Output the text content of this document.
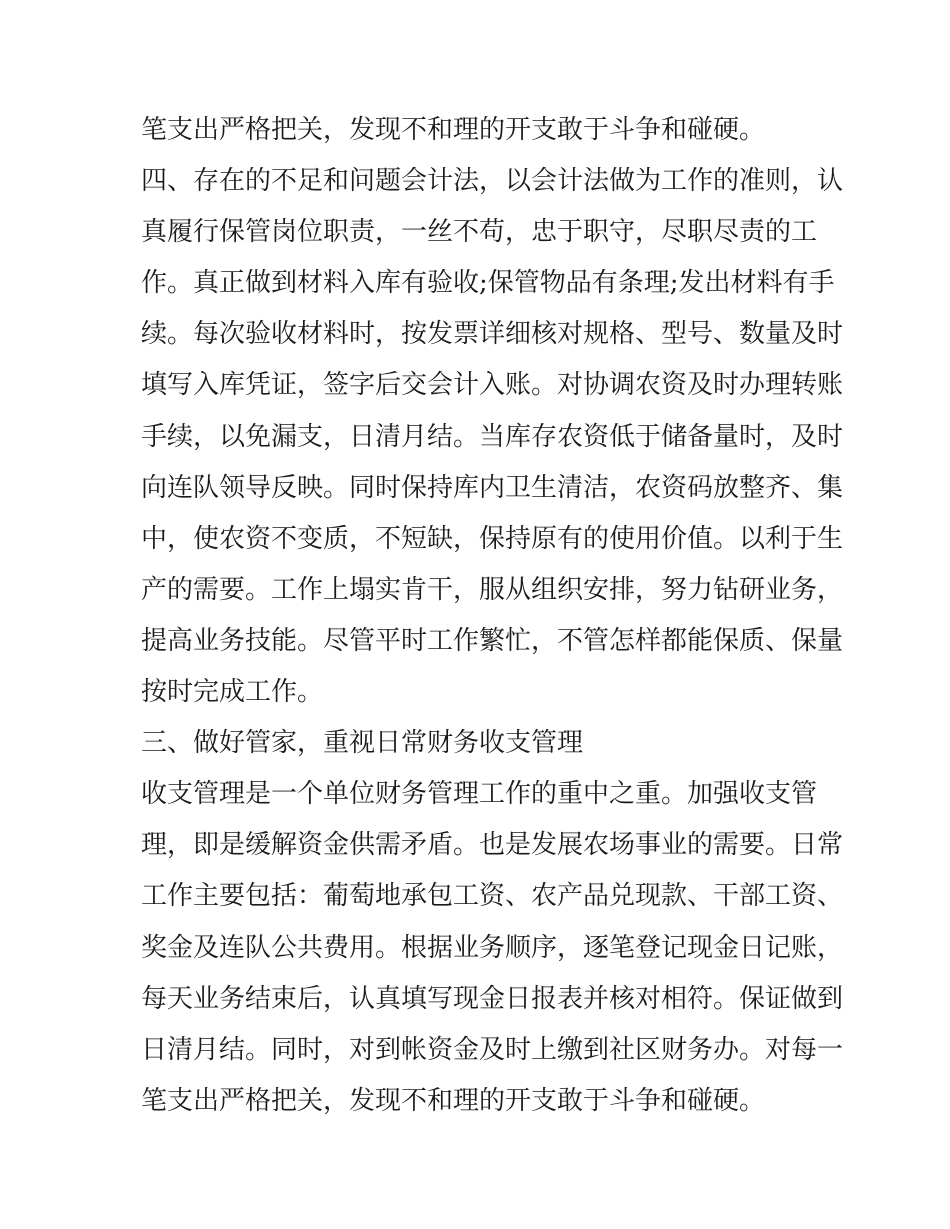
笔支出严格把关，发现不和理的开支敢于斗争和碰硬。
四、存在的不足和问题会计法，以会计法做为工作的准则，认
真履行保管岗位职责，一丝不苟，忠于职守，尽职尽责的工
作。真正做到材料入库有验收;保管物品有条理;发出材料有手
续。每次验收材料时，按发票详细核对规格、型号、数量及时
填写入库凭证，签字后交会计入账。对协调农资及时办理转账
手续，以免漏支，日清月结。当库存农资低于储备量时，及时
向连队领导反映。同时保持库内卫生清洁，农资码放整齐、集
中，使农资不变质，不短缺，保持原有的使用价值。以利于生
产的需要。工作上塌实肯干，服从组织安排，努力钻研业务，
提高业务技能。尽管平时工作繁忙，不管怎样都能保质、保量
按时完成工作。
三、做好管家，重视日常财务收支管理
收支管理是一个单位财务管理工作的重中之重。加强收支管
理，即是缓解资金供需矛盾。也是发展农场事业的需要。日常
工作主要包括：葡萄地承包工资、农产品兑现款、干部工资、
奖金及连队公共费用。根据业务顺序，逐笔登记现金日记账，
每天业务结束后，认真填写现金日报表并核对相符。保证做到
日清月结。同时，对到帐资金及时上缴到社区财务办。对每一
笔支出严格把关，发现不和理的开支敢于斗争和碰硬。
